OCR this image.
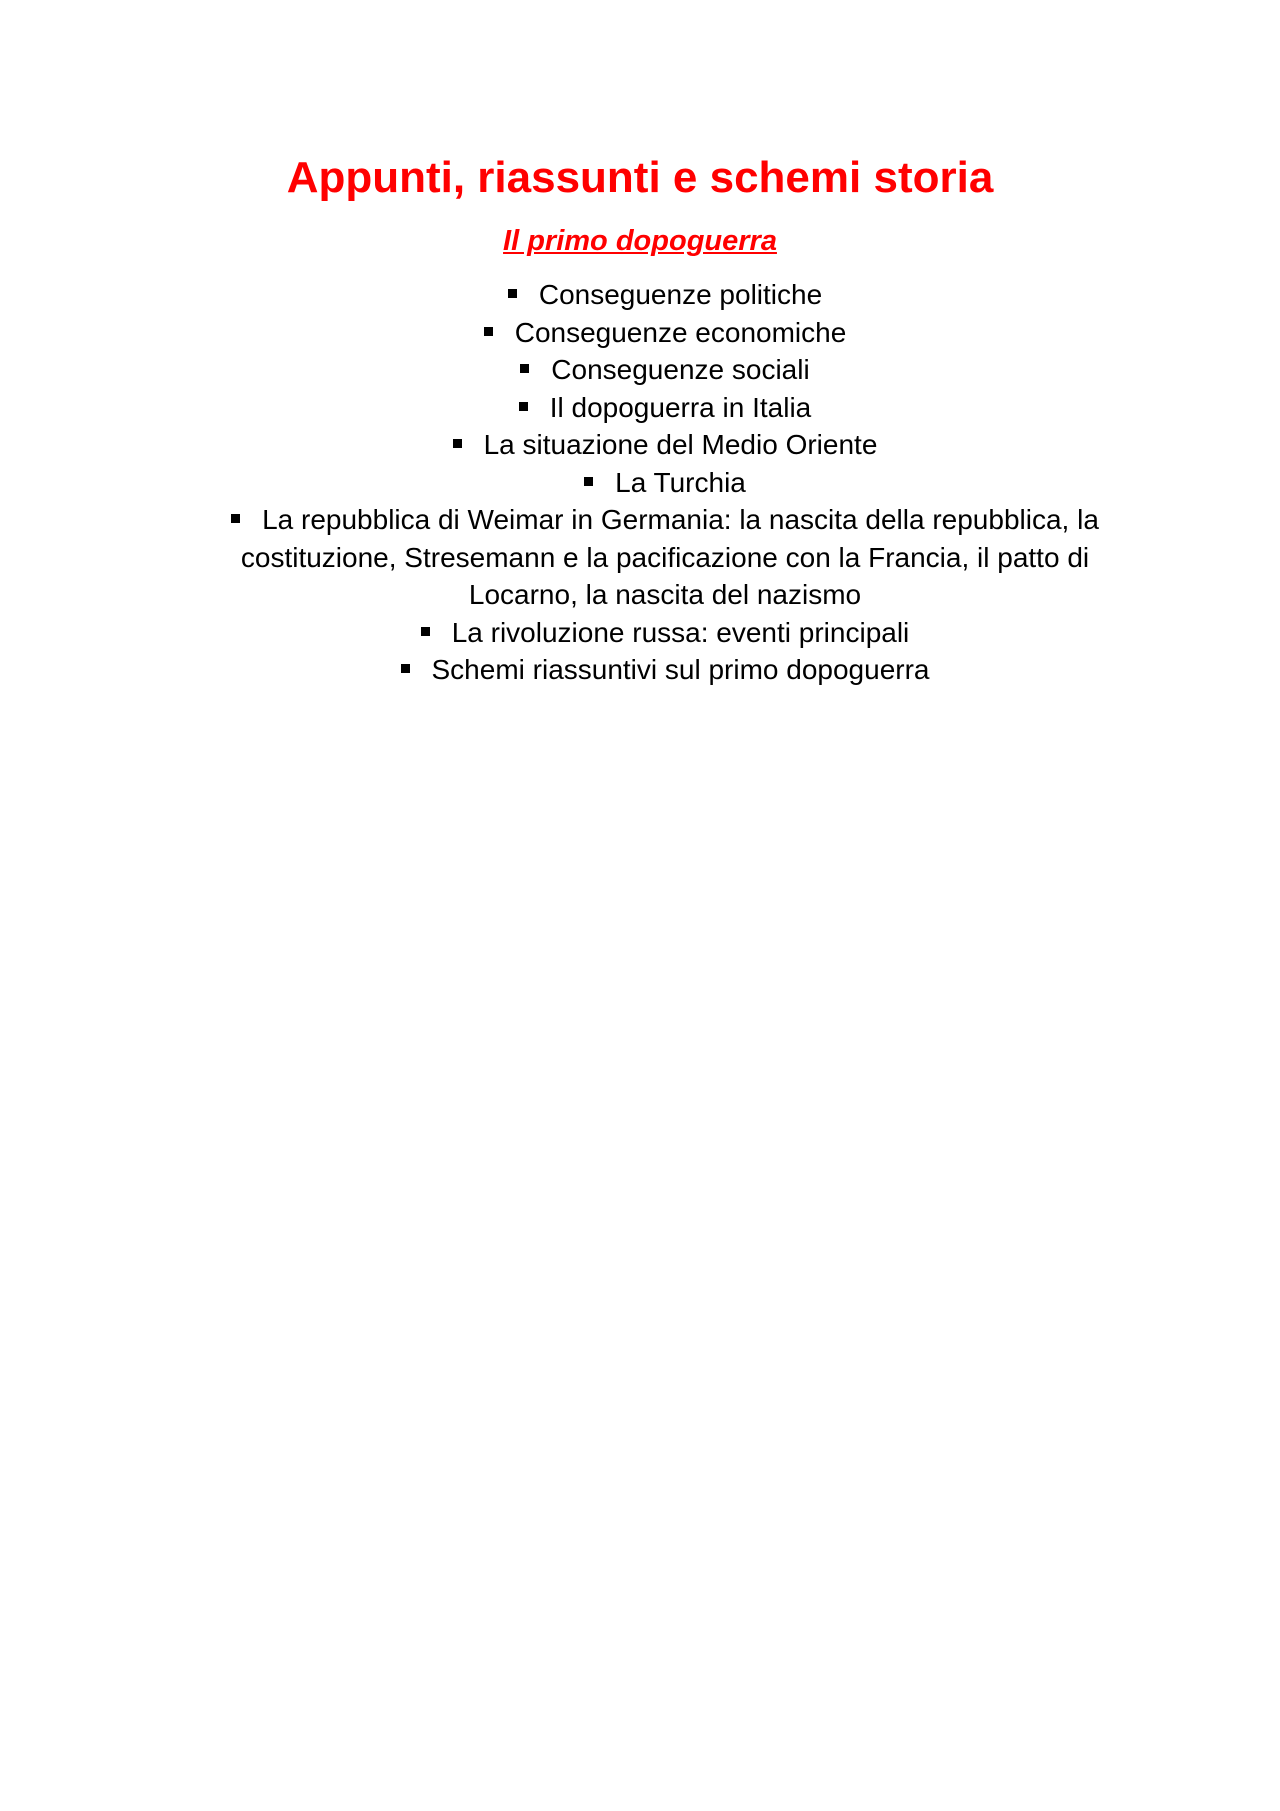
Appunti, riassunti e schemi storia
Il primo dopoguerra
Conseguenze politiche
Conseguenze economiche
Conseguenze sociali
Il dopoguerra in Italia
La situazione del Medio Oriente
La Turchia
La repubblica di Weimar in Germania: la nascita della repubblica, la costituzione, Stresemann e la pacificazione con la Francia, il patto di Locarno, la nascita del nazismo
La rivoluzione russa: eventi principali
Schemi riassuntivi sul primo dopoguerra
